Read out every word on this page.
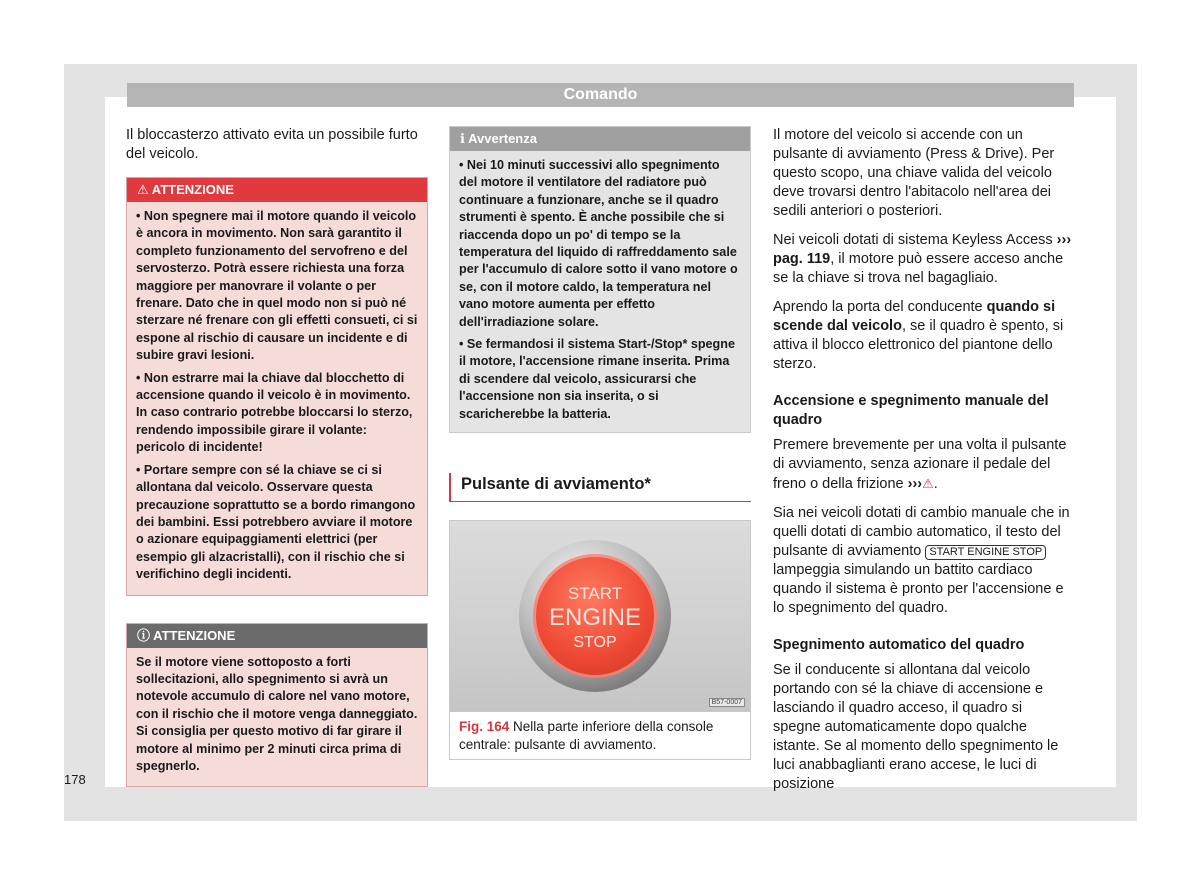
Comando

Il bloccasterzo attivato evita un possibile furto del veicolo.

⚠ ATTENZIONE

• Non spegnere mai il motore quando il veicolo è ancora in movimento. Non sarà garantito il completo funzionamento del servofreno e del servosterzo. Potrà essere richiesta una forza maggiore per manovrare il volante o per frenare. Dato che in quel modo non si può né sterzare né frenare con gli effetti consueti, ci si espone al rischio di causare un incidente e di subire gravi lesioni.

• Non estrarre mai la chiave dal blocchetto di accensione quando il veicolo è in movimento. In caso contrario potrebbe bloccarsi lo sterzo, rendendo impossibile girare il volante: pericolo di incidente!

• Portare sempre con sé la chiave se ci si allontana dal veicolo. Osservare questa precauzione soprattutto se a bordo rimangono dei bambini. Essi potrebbero avviare il motore o azionare equipaggiamenti elettrici (per esempio gli alzacristalli), con il rischio che si verifichino degli incidenti.

ⓘ ATTENZIONE

Se il motore viene sottoposto a forti sollecitazioni, allo spegnimento si avrà un notevole accumulo di calore nel vano motore, con il rischio che il motore venga danneggiato. Si consiglia per questo motivo di far girare il motore al minimo per 2 minuti circa prima di spegnerlo.

ℹ Avvertenza

• Nei 10 minuti successivi allo spegnimento del motore il ventilatore del radiatore può continuare a funzionare, anche se il quadro strumenti è spento. È anche possibile che si riaccenda dopo un po' di tempo se la temperatura del liquido di raffreddamento sale per l'accumulo di calore sotto il vano motore o se, con il motore caldo, la temperatura nel vano motore aumenta per effetto dell'irradiazione solare.

• Se fermandosi il sistema Start-/Stop* spegne il motore, l'accensione rimane inserita. Prima di scendere dal veicolo, assicurarsi che l'accensione non sia inserita, o si scaricherebbe la batteria.

Pulsante di avviamento*
START
ENGINE
STOP
B57-0007
Fig. 164 Nella parte inferiore della console centrale: pulsante di avviamento.

Il motore del veicolo si accende con un pulsante di avviamento (Press & Drive). Per questo scopo, una chiave valida del veicolo deve trovarsi dentro l'abitacolo nell'area dei sedili anteriori o posteriori.

Nei veicoli dotati di sistema Keyless Access ››› pag. 119, il motore può essere acceso anche se la chiave si trova nel bagagliaio.

Aprendo la porta del conducente quando si scende dal veicolo, se il quadro è spento, si attiva il blocco elettronico del piantone dello sterzo.

Accensione e spegnimento manuale del quadro

Premere brevemente per una volta il pulsante di avviamento, senza azionare il pedale del freno o della frizione ›››⚠.

Sia nei veicoli dotati di cambio manuale che in quelli dotati di cambio automatico, il testo del pulsante di avviamento START ENGINE STOP lampeggia simulando un battito cardiaco quando il sistema è pronto per l'accensione e lo spegnimento del quadro.

Spegnimento automatico del quadro

Se il conducente si allontana dal veicolo portando con sé la chiave di accensione e lasciando il quadro acceso, il quadro si spegne automaticamente dopo qualche istante. Se al momento dello spegnimento le luci anabbaglianti erano accese, le luci di posizione

178
